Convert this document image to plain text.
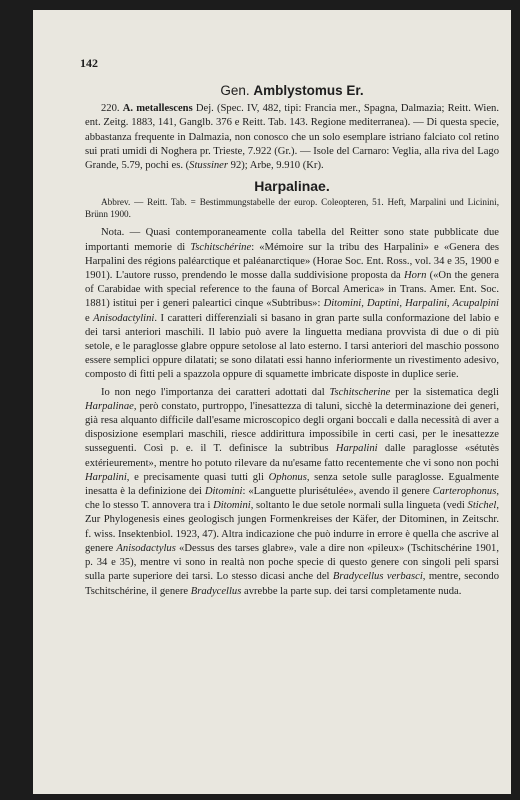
142
Gen. Amblystomus Er.

220. A. metallescens Dej. (Spec. IV, 482, tipi: Francia mer., Spagna, Dalmazia; Reitt. Wien. ent. Zeitg. 1883, 141, Ganglb. 376 e Reitt. Tab. 143. Regione mediterranea). — Di questa specie, abbastanza frequente in Dalmazia, non conosco che un solo esemplare istriano falciato col retino sui prati umidi di Noghera pr. Trieste, 7.922 (Gr.). — Isole del Carnaro: Veglia, alla riva del Lago Grande, 5.79, pochi es. (Stussiner 92); Arbe, 9.910 (Kr).

Harpalinae.

Abbrev. — Reitt. Tab. = Bestimmungstabelle der europ. Coleopteren, 51. Heft, Marpalini und Licinini, Brünn 1900.

Nota. — Quasi contemporaneamente colla tabella del Reitter sono state pubblicate due importanti memorie di Tschitschérine: «Mémoire sur la tribu des Harpalini» e «Genera des Harpalini des régions paléarctique et paléanarctique» (Horae Soc. Ent. Ross., vol. 34 e 35, 1900 e 1901). L'autore russo, prendendo le mosse dalla suddivisione proposta da Horn («On the genera of Carabidae with special reference to the fauna of Borcal America» in Trans. Amer. Ent. Soc. 1881) istitui per i generi paleartici cinque «Subtribus»: Ditomini, Daptini, Harpalini, Acupalpini e Anisodactylini. I caratteri differenziali si basano in gran parte sulla conformazione del labio e dei tarsi anteriori maschili. Il labio può avere la linguetta mediana provvista di due o di più setole, e le paraglosse glabre oppure setolose al lato esterno. I tarsi anteriori del maschio possono essere semplici oppure dilatati; se sono dilatati essi hanno inferiormente un rivestimento adesivo, composto di fitti peli a spazzola oppure di squamette imbricate disposte in duplice serie.

Io non nego l'importanza dei caratteri adottati dal Tschitscherine per la sistematica degli Harpalinae, però constato, purtroppo, l'inesattezza di taluni, sicchè la determinazione dei generi, già resa alquanto difficile dall'esame microscopico degli organi boccali e dalla necessità di aver a disposizione esemplari maschili, riesce addirittura impossibile in certi casi, per le inesattezze susseguenti. Così p. e. il T. definisce la subtribus Harpalini dalle paraglosse «sétutès extérieurement», mentre ho potuto rilevare da nu'esame fatto recentemente che vi sono non pochi Harpalini, e precisamente quasi tutti gli Ophonus, senza setole sulle paraglosse. Egualmente inesatta è la definizione dei Ditomini: «Languette plurisétulée», avendo il genere Carterophonus, che lo stesso T. annovera tra i Ditomini, soltanto le due setole normali sulla lingueta (vedi Stichel, Zur Phylogenesis eines geologisch jungen Formenkreises der Käfer, der Ditominen, in Zeitschr. f. wiss. Insektenbiol. 1923, 47). Altra indicazione che può indurre in errore è quella che ascrive al genere Anisodactylus «Dessus des tarses glabre», vale a dire non «pileux» (Tschitschérine 1901, p. 34 e 35), mentre vi sono in realtà non poche specie di questo genere con singoli peli sparsi sulla parte superiore dei tarsi. Lo stesso dicasi anche del Bradycellus verbasci, mentre, secondo Tschitschérine, il genere Bradycellus avrebbe la parte sup. dei tarsi completamente nuda.
